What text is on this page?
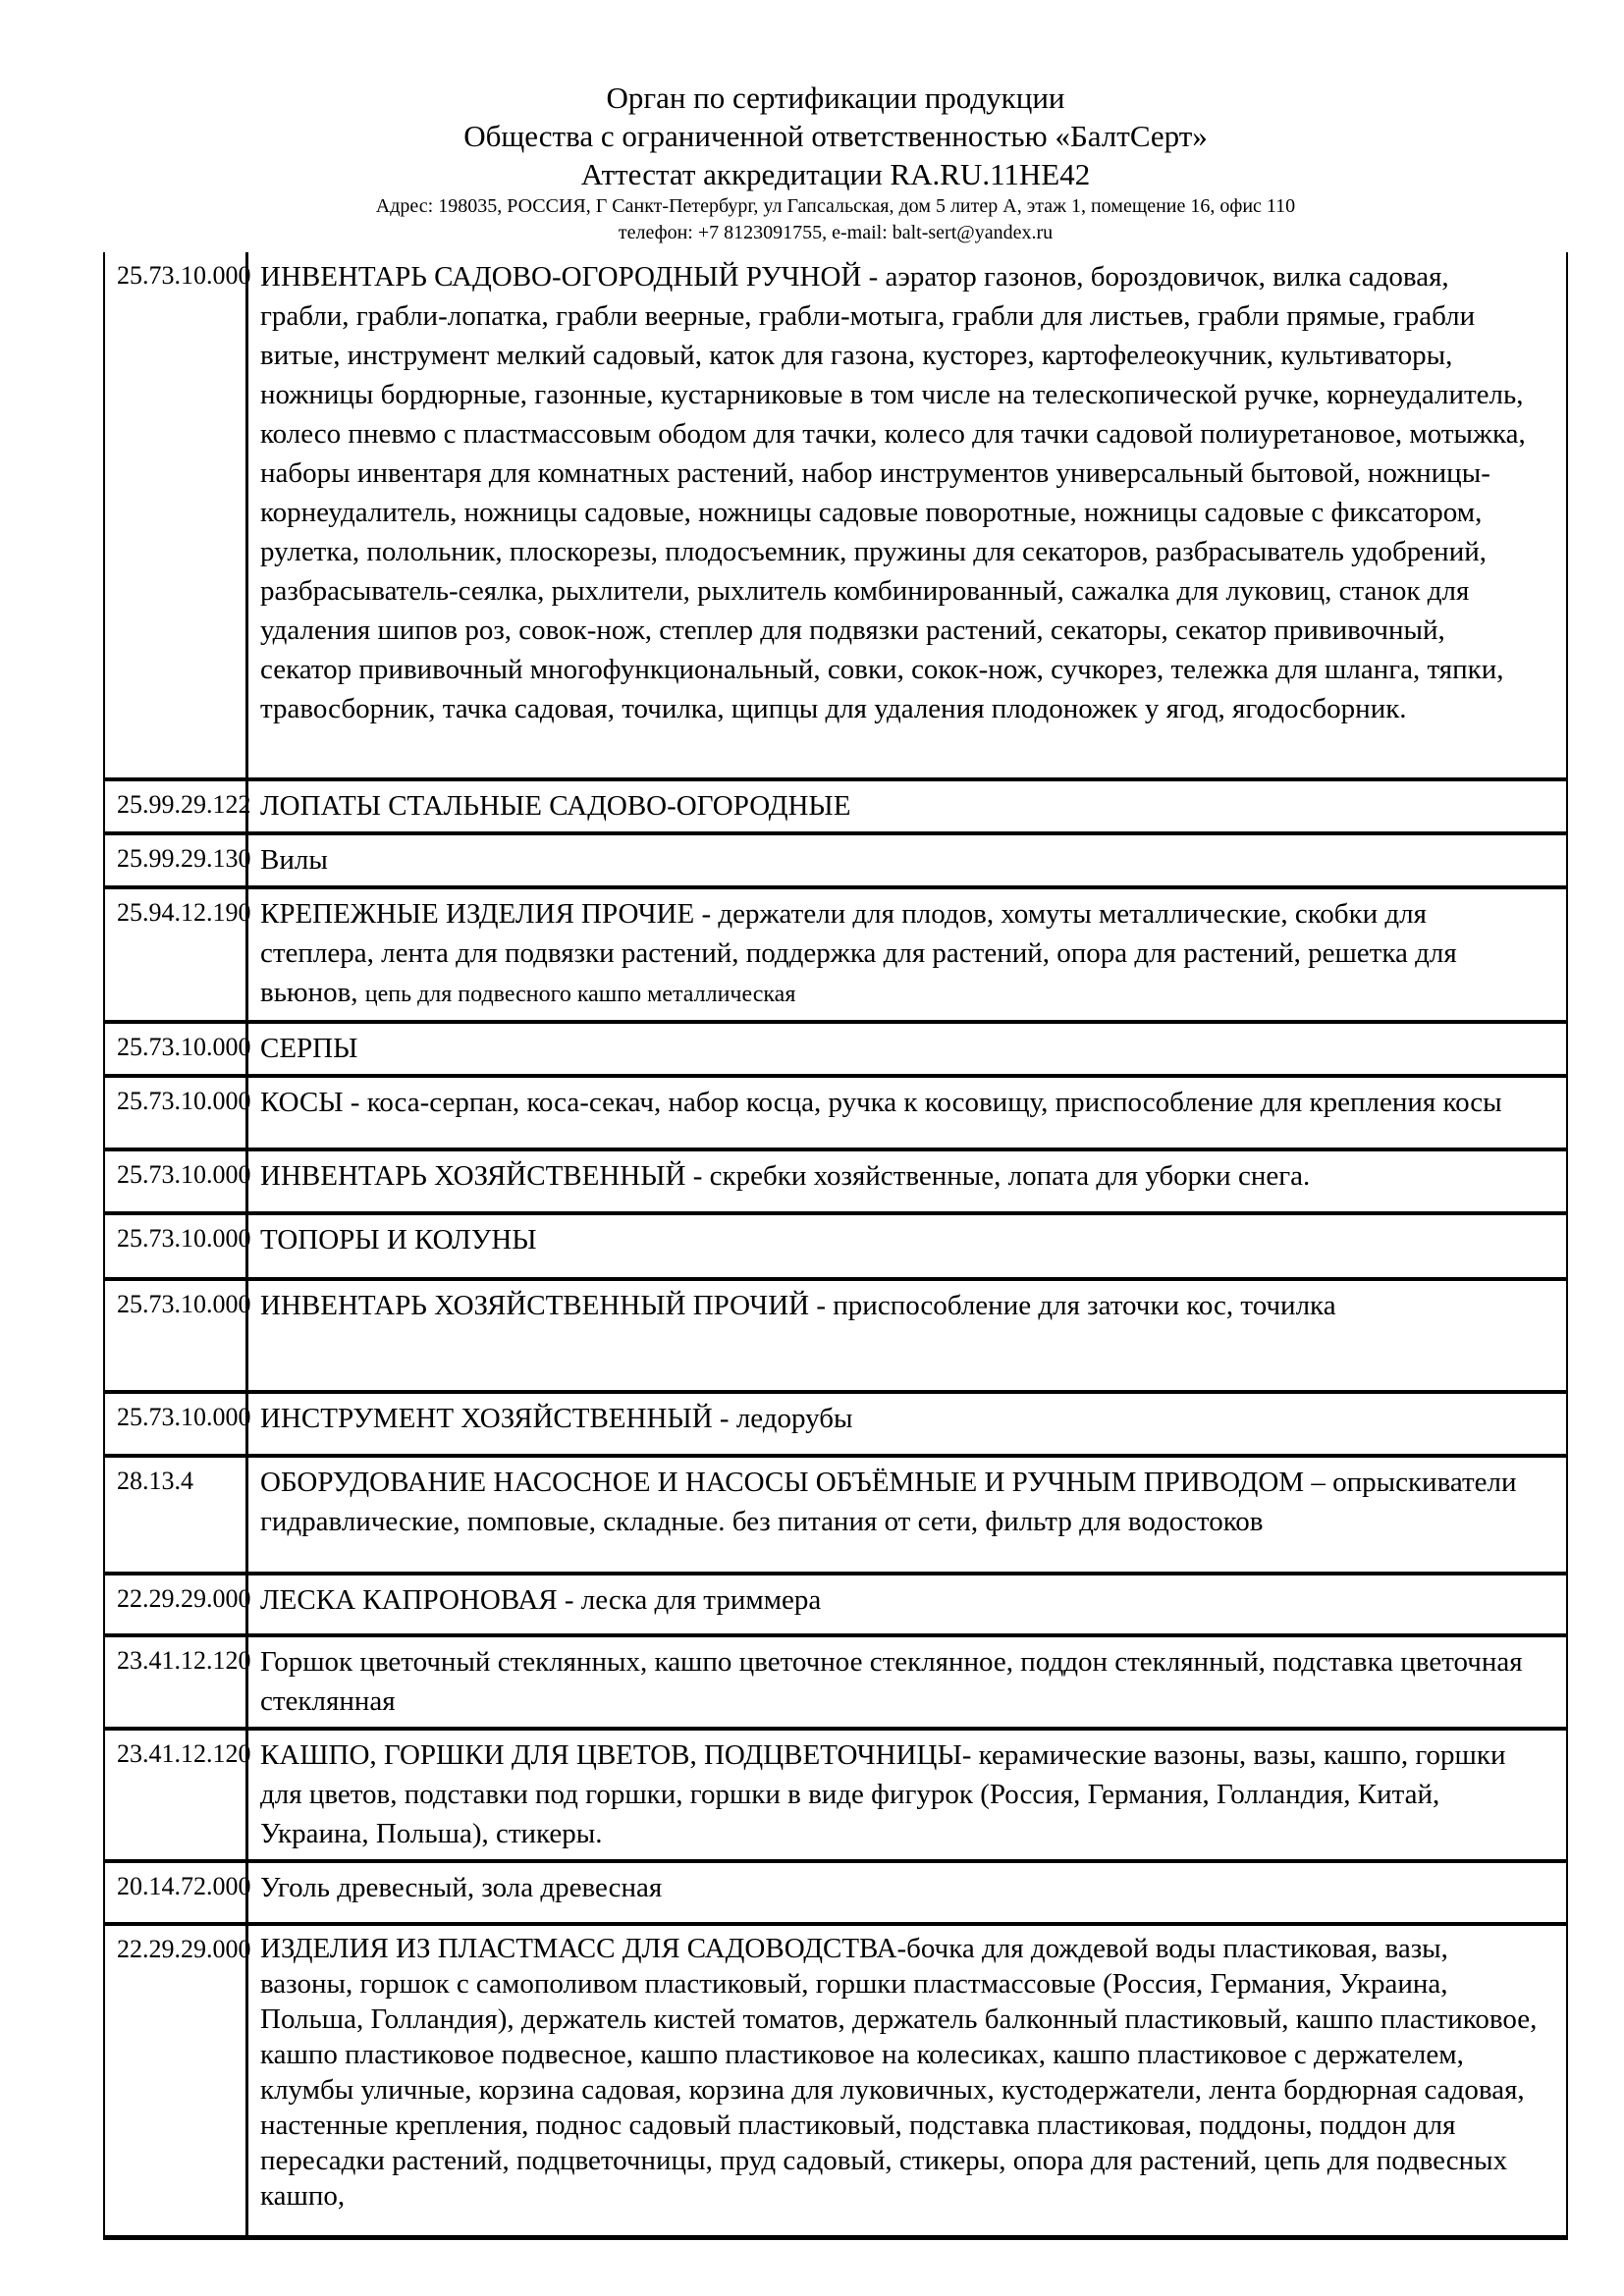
Орган по сертификации продукции
Общества с ограниченной ответственностью «БалтСерт»
Аттестат аккредитации RA.RU.11HE42
Адрес: 198035, РОССИЯ, Г Санкт-Петербург, ул Гапсальская, дом 5 литер А, этаж 1, помещение 16, офис 110
телефон: +7 8123091755, e-mail: balt-sert@yandex.ru
25.73.10.000 ИНВЕНТАРЬ САДОВО-ОГОРОДНЫЙ РУЧНОЙ - аэратор газонов, бороздовичок, вилка садовая, грабли, грабли-лопатка, грабли веерные, грабли-мотыга, грабли для листьев, грабли прямые, грабли витые, инструмент мелкий садовый, каток для газона, кусторез, картофелеокучник, культиваторы, ножницы бордюрные, газонные, кустарниковые в том числе на телескопической ручке, корнеудалитель, колесо пневмо с пластмассовым ободом для тачки, колесо для тачки садовой полиуретановое, мотыжка, наборы инвентаря для комнатных растений, набор инструментов универсальный бытовой, ножницы-корнеудалитель, ножницы садовые, ножницы садовые поворотные, ножницы садовые с фиксатором, рулетка, полольник, плоскорезы, плодосъемник, пружины для секаторов, разбрасыватель удобрений, разбрасыватель-сеялка, рыхлители, рыхлитель комбинированный, сажалка для луковиц, станок для удаления шипов роз, совок-нож, степлер для подвязки растений, секаторы, секатор прививочный, секатор прививочный многофункциональный, совки, сокок-нож, сучкорез, тележка для шланга, тяпки, травосборник, тачка садовая, точилка, щипцы для удаления плодоножек у ягод, ягодосборник.
25.99.29.122 ЛОПАТЫ СТАЛЬНЫЕ САДОВО-ОГОРОДНЫЕ
25.99.29.130 Вилы
25.94.12.190 КРЕПЕЖНЫЕ ИЗДЕЛИЯ ПРОЧИЕ - держатели для плодов, хомуты металлические, скобки для степлера, лента для подвязки растений, поддержка для растений, опора для растений, решетка для вьюнов, цепь для подвесного кашпо металлическая
25.73.10.000 СЕРПЫ
25.73.10.000 КОСЫ - коса-серпан, коса-секач, набор косца, ручка к косовищу, приспособление для крепления косы
25.73.10.000 ИНВЕНТАРЬ ХОЗЯЙСТВЕННЫЙ - скребки хозяйственные, лопата для уборки снега.
25.73.10.000 ТОПОРЫ И КОЛУНЫ
25.73.10.000 ИНВЕНТАРЬ ХОЗЯЙСТВЕННЫЙ ПРОЧИЙ - приспособление для заточки кос, точилка
25.73.10.000 ИНСТРУМЕНТ ХОЗЯЙСТВЕННЫЙ - ледорубы
28.13.4	ОБОРУДОВАНИЕ НАСОСНОЕ И НАСОСЫ ОБЪЁМНЫЕ И РУЧНЫМ ПРИВОДОМ – опрыскиватели гидравлические, помповые, складные. без питания от сети, фильтр для водостоков
22.29.29.000 ЛЕСКА КАПРОНОВАЯ - леска для триммера
23.41.12.120 Горшок цветочный стеклянных, кашпо цветочное стеклянное, поддон стеклянный, подставка цветочная стеклянная
23.41.12.120 КАШПО, ГОРШКИ ДЛЯ ЦВЕТОВ, ПОДЦВЕТОЧНИЦЫ- керамические вазоны, вазы, кашпо, горшки для цветов, подставки под горшки, горшки в виде фигурок (Россия, Германия, Голландия, Китай, Украина, Польша), стикеры.
20.14.72.000 Уголь древесный, зола древесная
22.29.29.000 ИЗДЕЛИЯ ИЗ ПЛАСТМАСС ДЛЯ САДОВОДСТВА-бочка для дождевой воды пластиковая, вазы, вазоны, горшок с самополивом пластиковый, горшки пластмассовые (Россия, Германия, Украина, Польша, Голландия), держатель кистей томатов, держатель балконный пластиковый, кашпо пластиковое, кашпо пластиковое подвесное, кашпо пластиковое на колесиках, кашпо пластиковое с держателем, клумбы уличные, корзина садовая, корзина для луковичных, кустодержатели, лента бордюрная садовая, настенные крепления, поднос садовый пластиковый, подставка пластиковая, поддоны, поддон для пересадки растений, подцветочницы, пруд садовый, стикеры, опора для растений, цепь для подвесных кашпо,
